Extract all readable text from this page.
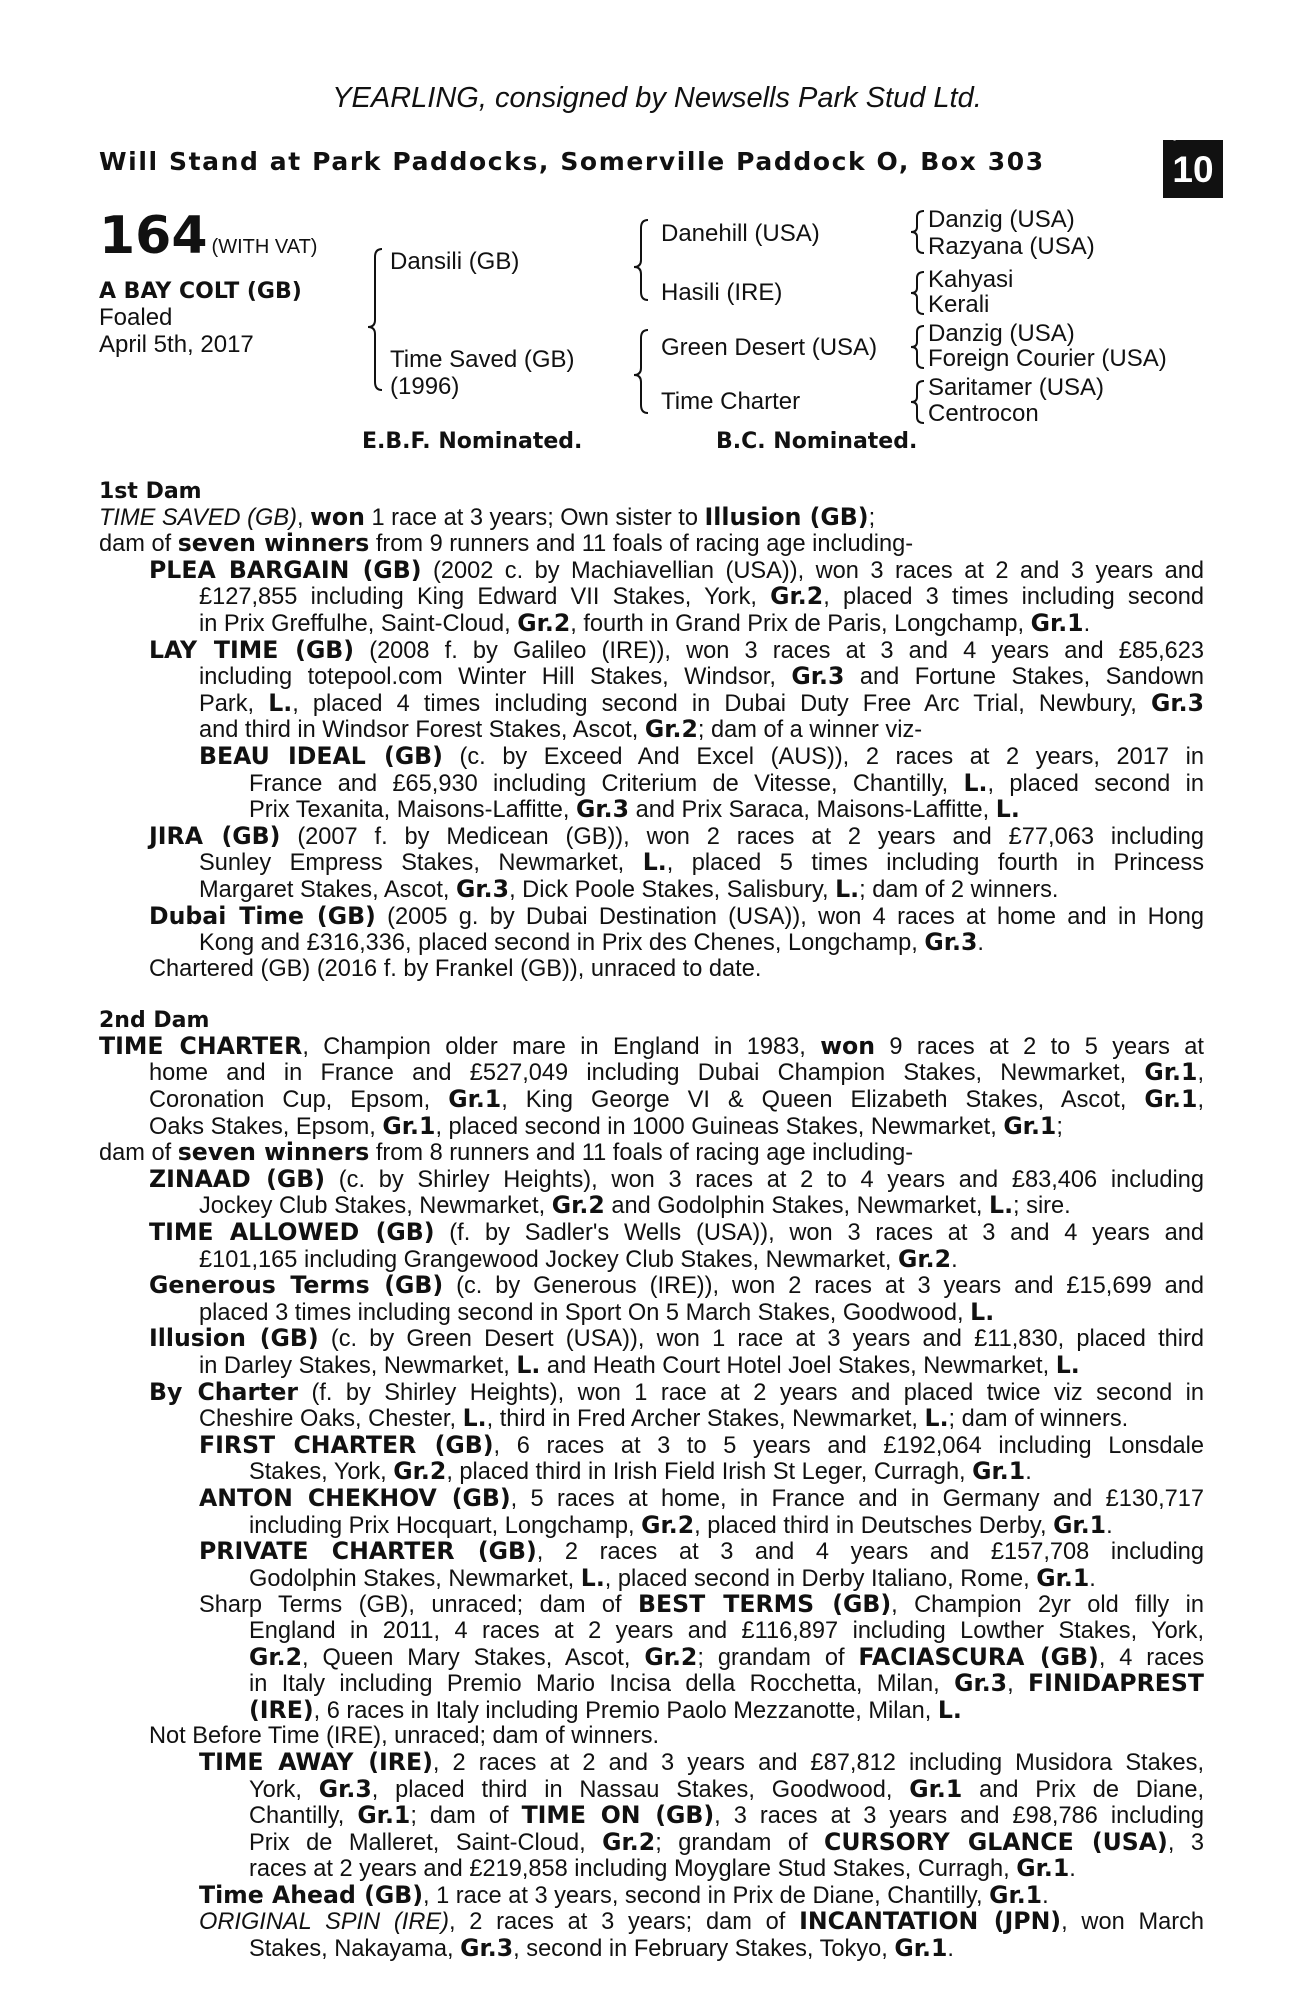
YEARLING, consigned by Newsells Park Stud Ltd.
Will Stand at Park Paddocks, Somerville Paddock O, Box 303
+
10
164 (WITH VAT)
A BAY COLT (GB)
Foaled
April 5th, 2017
Dansili (GB)
Time Saved (GB)
(1996)
Danehill (USA)
Hasili (IRE)
Green Desert (USA)
Time Charter
Danzig (USA)
Razyana (USA)
Kahyasi
Kerali
Danzig (USA)
Foreign Courier (USA)
Saritamer (USA)
Centrocon
E.B.F. Nominated.	B.C. Nominated.
1st Dam
TIME SAVED (GB), won 1 race at 3 years; Own sister to Illusion (GB);
dam of seven winners from 9 runners and 11 foals of racing age including-
PLEA BARGAIN (GB) (2002 c. by Machiavellian (USA)), won 3 races at 2 and 3 years and
£127,855 including King Edward VII Stakes, York, Gr.2, placed 3 times including second
in Prix Greffulhe, Saint-Cloud, Gr.2, fourth in Grand Prix de Paris, Longchamp, Gr.1.
LAY TIME (GB) (2008 f. by Galileo (IRE)), won 3 races at 3 and 4 years and £85,623
including totepool.com Winter Hill Stakes, Windsor, Gr.3 and Fortune Stakes, Sandown
Park, L., placed 4 times including second in Dubai Duty Free Arc Trial, Newbury, Gr.3
and third in Windsor Forest Stakes, Ascot, Gr.2; dam of a winner viz-
BEAU IDEAL (GB) (c. by Exceed And Excel (AUS)), 2 races at 2 years, 2017 in
France and £65,930 including Criterium de Vitesse, Chantilly, L., placed second in
Prix Texanita, Maisons-Laffitte, Gr.3 and Prix Saraca, Maisons-Laffitte, L.
JIRA (GB) (2007 f. by Medicean (GB)), won 2 races at 2 years and £77,063 including
Sunley Empress Stakes, Newmarket, L., placed 5 times including fourth in Princess
Margaret Stakes, Ascot, Gr.3, Dick Poole Stakes, Salisbury, L.; dam of 2 winners.
Dubai Time (GB) (2005 g. by Dubai Destination (USA)), won 4 races at home and in Hong
Kong and £316,336, placed second in Prix des Chenes, Longchamp, Gr.3.
Chartered (GB) (2016 f. by Frankel (GB)), unraced to date.
2nd Dam
TIME CHARTER, Champion older mare in England in 1983, won 9 races at 2 to 5 years at
home and in France and £527,049 including Dubai Champion Stakes, Newmarket, Gr.1,
Coronation Cup, Epsom, Gr.1, King George VI & Queen Elizabeth Stakes, Ascot, Gr.1,
Oaks Stakes, Epsom, Gr.1, placed second in 1000 Guineas Stakes, Newmarket, Gr.1;
dam of seven winners from 8 runners and 11 foals of racing age including-
ZINAAD (GB) (c. by Shirley Heights), won 3 races at 2 to 4 years and £83,406 including
Jockey Club Stakes, Newmarket, Gr.2 and Godolphin Stakes, Newmarket, L.; sire.
TIME ALLOWED (GB) (f. by Sadler's Wells (USA)), won 3 races at 3 and 4 years and
£101,165 including Grangewood Jockey Club Stakes, Newmarket, Gr.2.
Generous Terms (GB) (c. by Generous (IRE)), won 2 races at 3 years and £15,699 and
placed 3 times including second in Sport On 5 March Stakes, Goodwood, L.
Illusion (GB) (c. by Green Desert (USA)), won 1 race at 3 years and £11,830, placed third
in Darley Stakes, Newmarket, L. and Heath Court Hotel Joel Stakes, Newmarket, L.
By Charter (f. by Shirley Heights), won 1 race at 2 years and placed twice viz second in
Cheshire Oaks, Chester, L., third in Fred Archer Stakes, Newmarket, L.; dam of winners.
FIRST CHARTER (GB), 6 races at 3 to 5 years and £192,064 including Lonsdale
Stakes, York, Gr.2, placed third in Irish Field Irish St Leger, Curragh, Gr.1.
ANTON CHEKHOV (GB), 5 races at home, in France and in Germany and £130,717
including Prix Hocquart, Longchamp, Gr.2, placed third in Deutsches Derby, Gr.1.
PRIVATE CHARTER (GB), 2 races at 3 and 4 years and £157,708 including
Godolphin Stakes, Newmarket, L., placed second in Derby Italiano, Rome, Gr.1.
Sharp Terms (GB), unraced; dam of BEST TERMS (GB), Champion 2yr old filly in
England in 2011, 4 races at 2 years and £116,897 including Lowther Stakes, York,
Gr.2, Queen Mary Stakes, Ascot, Gr.2; grandam of FACIASCURA (GB), 4 races
in Italy including Premio Mario Incisa della Rocchetta, Milan, Gr.3, FINIDAPREST
(IRE), 6 races in Italy including Premio Paolo Mezzanotte, Milan, L.
Not Before Time (IRE), unraced; dam of winners.
TIME AWAY (IRE), 2 races at 2 and 3 years and £87,812 including Musidora Stakes,
York, Gr.3, placed third in Nassau Stakes, Goodwood, Gr.1 and Prix de Diane,
Chantilly, Gr.1; dam of TIME ON (GB), 3 races at 3 years and £98,786 including
Prix de Malleret, Saint-Cloud, Gr.2; grandam of CURSORY GLANCE (USA), 3
races at 2 years and £219,858 including Moyglare Stud Stakes, Curragh, Gr.1.
Time Ahead (GB), 1 race at 3 years, second in Prix de Diane, Chantilly, Gr.1.
ORIGINAL SPIN (IRE), 2 races at 3 years; dam of INCANTATION (JPN), won March
Stakes, Nakayama, Gr.3, second in February Stakes, Tokyo, Gr.1.
